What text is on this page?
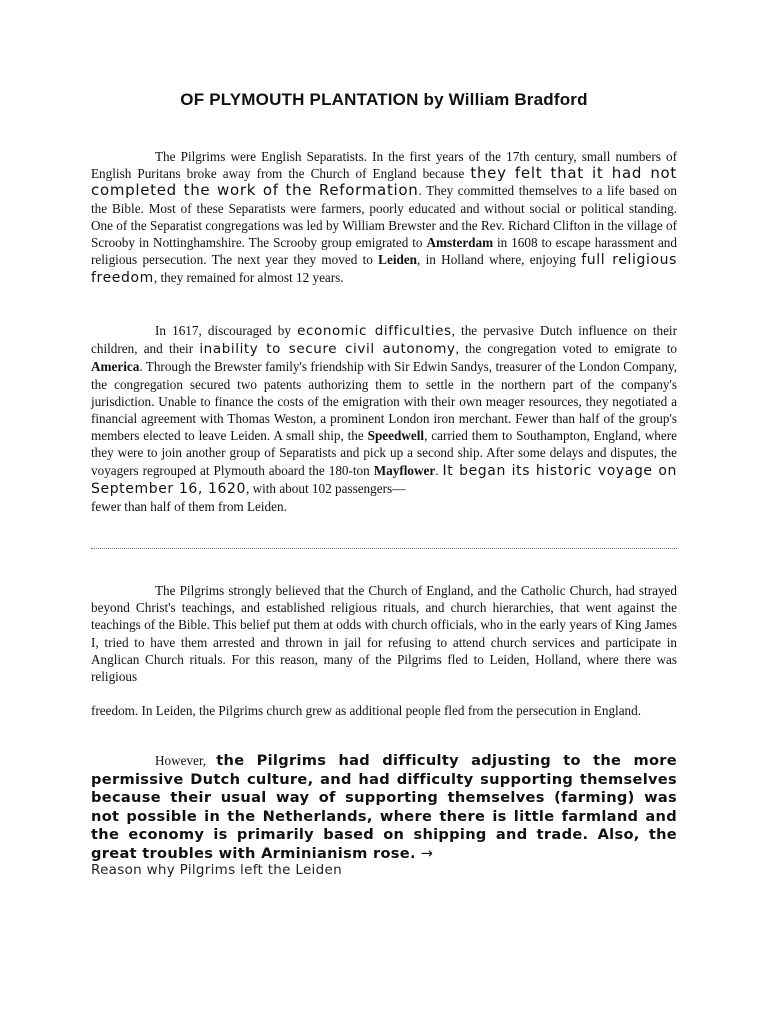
OF PLYMOUTH PLANTATION by William Bradford

The Pilgrims were English Separatists. In the first years of the 17th century, small numbers of English Puritans broke away from the Church of England because they felt that it had not completed the work of the Reformation. They committed themselves to a life based on the Bible. Most of these Separatists were farmers, poorly educated and without social or political standing. One of the Separatist congregations was led by William Brewster and the Rev. Richard Clifton in the village of Scrooby in Nottinghamshire. The Scrooby group emigrated to Amsterdam in 1608 to escape harassment and religious persecution. The next year they moved to Leiden, in Holland where, enjoying full religious freedom, they remained for almost 12 years.

In 1617, discouraged by economic difficulties, the pervasive Dutch influence on their children, and their inability to secure civil autonomy, the congregation voted to emigrate to America. Through the Brewster family's friendship with Sir Edwin Sandys, treasurer of the London Company, the congregation secured two patents authorizing them to settle in the northern part of the company's jurisdiction. Unable to finance the costs of the emigration with their own meager resources, they negotiated a financial agreement with Thomas Weston, a prominent London iron merchant. Fewer than half of the group's members elected to leave Leiden. A small ship, the Speedwell, carried them to Southampton, England, where they were to join another group of Separatists and pick up a second ship. After some delays and disputes, the voyagers regrouped at Plymouth aboard the 180-ton Mayflower. It began its historic voyage on September 16, 1620, with about 102 passengers—
fewer than half of them from Leiden.

The Pilgrims strongly believed that the Church of England, and the Catholic Church, had strayed beyond Christ's teachings, and established religious rituals, and church hierarchies, that went against the teachings of the Bible. This belief put them at odds with church officials, who in the early years of King James I, tried to have them arrested and thrown in jail for refusing to attend church services and participate in Anglican Church rituals. For this reason, many of the Pilgrims fled to Leiden, Holland, where there was religious

freedom. In Leiden, the Pilgrims church grew as additional people fled from the persecution in England.

However, the Pilgrims had difficulty adjusting to the more permissive Dutch culture, and had difficulty supporting themselves because their usual way of supporting themselves (farming) was not possible in the Netherlands, where there is little farmland and the economy is primarily based on shipping and trade. Also, the great troubles with Arminianism rose. →

Reason why Pilgrims left the Leiden
